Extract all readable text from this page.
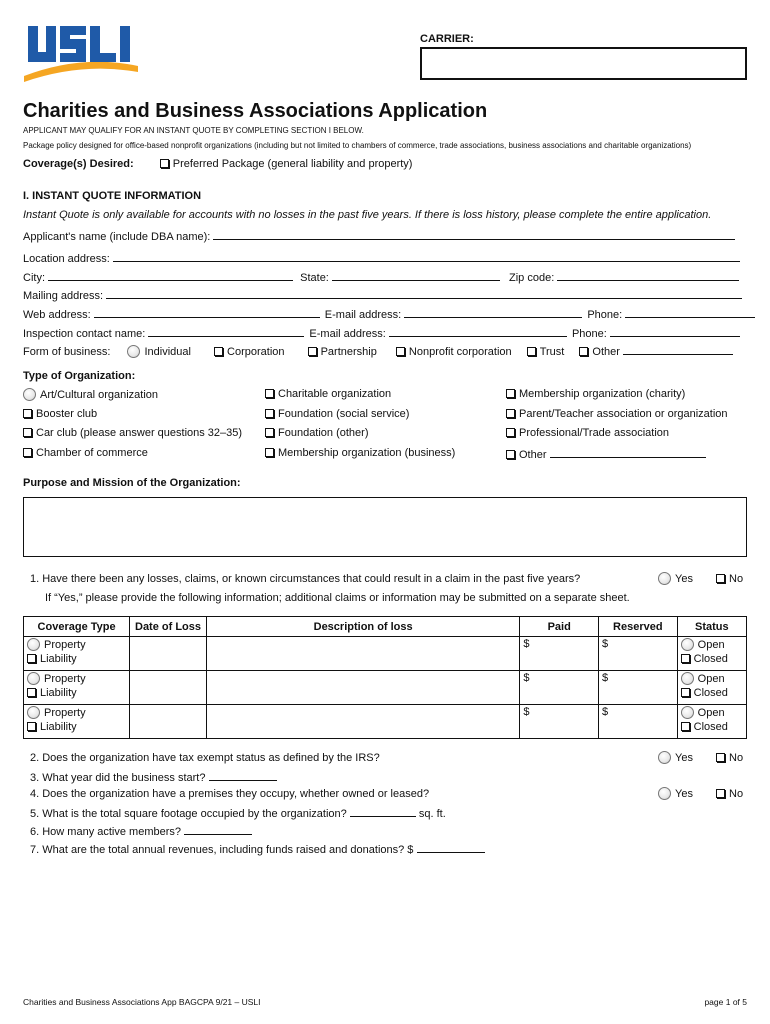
CARRIER:
Charities and Business Associations Application
APPLICANT MAY QUALIFY FOR AN INSTANT QUOTE BY COMPLETING SECTION I BELOW.
Package policy designed for office-based nonprofit organizations (including but not limited to chambers of commerce, trade associations, business associations and charitable organizations)
Coverage(s) Desired:	Preferred Package (general liability and property)
I. INSTANT QUOTE INFORMATION
Instant Quote is only available for accounts with no losses in the past five years. If there is loss history, please complete the entire application.
Applicant's name (include DBA name):
Location address:
City:	State:	Zip code:
Mailing address:
Web address:	E-mail address:	Phone:
Inspection contact name:	E-mail address:	Phone:
Form of business:	Individual	Corporation	Partnership	Nonprofit corporation	Trust	Other
Type of Organization:
Art/Cultural organization
Booster club
Car club (please answer questions 32–35)
Chamber of commerce
Charitable organization
Foundation (social service)
Foundation (other)
Membership organization (business)
Membership organization (charity)
Parent/Teacher association or organization
Professional/Trade association
Other
Purpose and Mission of the Organization:
1. Have there been any losses, claims, or known circumstances that could result in a claim in the past five years?	Yes	No
If “Yes,” please provide the following information; additional claims or information may be submitted on a separate sheet.
Coverage Type	Date of Loss	Description of loss	Paid	Reserved	Status

Property
Liability			$	$	Open
Closed

Property
Liability			$	$	Open
Closed

Property
Liability			$	$	Open
Closed
2. Does the organization have tax exempt status as defined by the IRS?	Yes	No
3. What year did the business start?
4. Does the organization have a premises they occupy, whether owned or leased?	Yes	No
5. What is the total square footage occupied by the organization?	sq. ft.
6. How many active members?
7. What are the total annual revenues, including funds raised and donations? $
Charities and Business Associations App BAGCPA 9/21 – USLI	page 1 of 5
